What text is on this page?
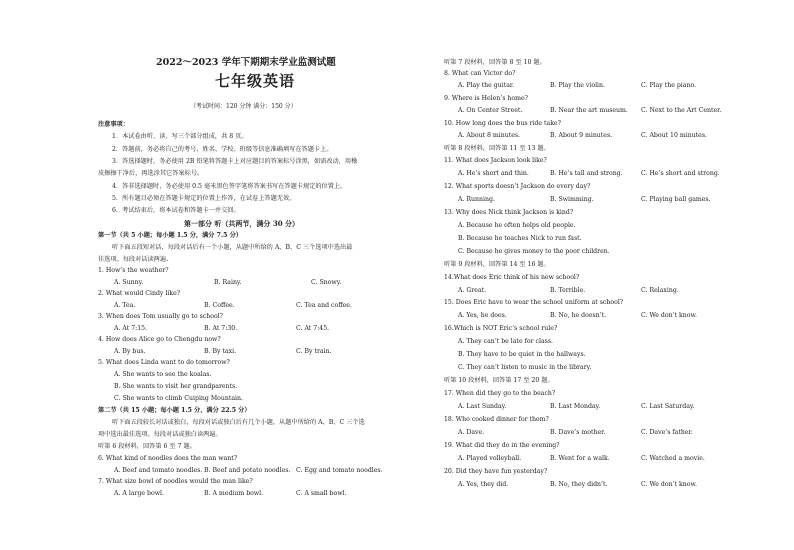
2022～2023 学年下期期末学业监测试题
七年级英语
（考试时间：120 分钟 满分：150 分）
注意事项：
1．本试卷由听、读、写三个部分组成，共 8 页。
2．答题前，务必将自己的考号、姓名、学校、班级等信息准确填写在答题卡上。
3．答选择题时，务必使用 2B 铅笔将答题卡上对应题目的答案标号涂黑，如需改动，用橡
皮擦擦干净后，再选涂其它答案标号。
4．答非选择题时，务必使用 0.5 毫米黑色签字笔将答案书写在答题卡规定的位置上。
5．所有题目必须在答题卡规定的位置上作答，在试卷上答题无效。
6．考试结束后，将本试卷和答题卡一并交回。
第一部分 听（共两节，满分 30 分）
第一节（共 5 小题；每小题 1.5 分，满分 7.5 分）
听下面五段短对话，每段对话后有一个小题，从题中所给的 A、B、C 三个选项中选出最
佳选项。每段对话读两遍。
1. How’s the weather?
A. Sunny.	B. Rainy.	C. Snowy.
2. What would Cindy like?
A. Tea.	B. Coffee.	C. Tea and coffee.
3. When does Tom usually go to school?
A. At 7:15.	B. At 7:30.	C. At 7:45.
4. How does Alice go to Chengdu now?
A. By bus.	B. By taxi.	C. By train.
5. What does Linda want to do tomorrow?
A. She wants to see the koalas.
B. She wants to visit her grandparents.
C. She wants to climb Cuiping Mountain.
第二节（共 15 小题；每小题 1.5 分，满分 22.5 分）
听下面五段较长对话或独白，每段对话或独白后有几个小题，从题中所给的 A、B、C 三个选
项中选出最佳选项。每段对话或独白读两遍。
听第 6 段材料，回答第 6 至 7 题。
6. What kind of noodles does the man want?
A. Beef and tomato noodles. B. Beef and potato noodles. C. Egg and tomato noodles.
7. What size bowl of noodles would the man like?
A. A large bowl.	B. A medium bowl.	C. A small bowl.
听第 7 段材料，回答第 8 至 10 题。
8. What can Victor do?
A. Play the guitar.	B. Play the violin.	C. Play the piano.
9. Where is Helen’s home?
A. On Center Street.	B. Near the art museum. C. Next to the Art Center.
10. How long does the bus ride take?
A. About 8 minutes.	B. About 9 minutes.	C. About 10 minutes.
听第 8 段材料，回答第 11 至 13 题。
11. What does Jackson look like?
A. He’s short and thin.	B. He’s tall and strong.	C. He’s short and strong.
12. What sports doesn’t Jackson do every day?
A. Running.	B. Swimming.	C. Playing ball games.
13. Why does Nick think Jackson is kind?
A. Because he often helps old people.
B. Because he teaches Nick to run fast.
C. Because he gives money to the poor children.
听第 9 段材料，回答第 14 至 16 题。
14.What does Eric think of his new school?
A. Great.	B. Terrible.	C. Relaxing.
15. Does Eric have to wear the school uniform at school?
A. Yes, he does.	B. No, he doesn’t.	C. We don’t know.
16.Which is NOT Eric’s school rule?
A. They can’t be late for class.
B. They have to be quiet in the hallways.
C. They can’t listen to music in the library.
听第 10 段材料，回答第 17 至 20 题。
17. When did they go to the beach?
A. Last Sunday.	B. Last Monday.	C. Last Saturday.
18. Who cooked dinner for them?
A. Dave.	B. Dave’s mother.	C. Dave’s father.
19. What did they do in the evening?
A. Played volleyball.	B. Went for a walk.	C. Watched a movie.
20. Did they have fun yesterday?
A. Yes, they did.	B. No, they didn’t.	C. We don’t know.
